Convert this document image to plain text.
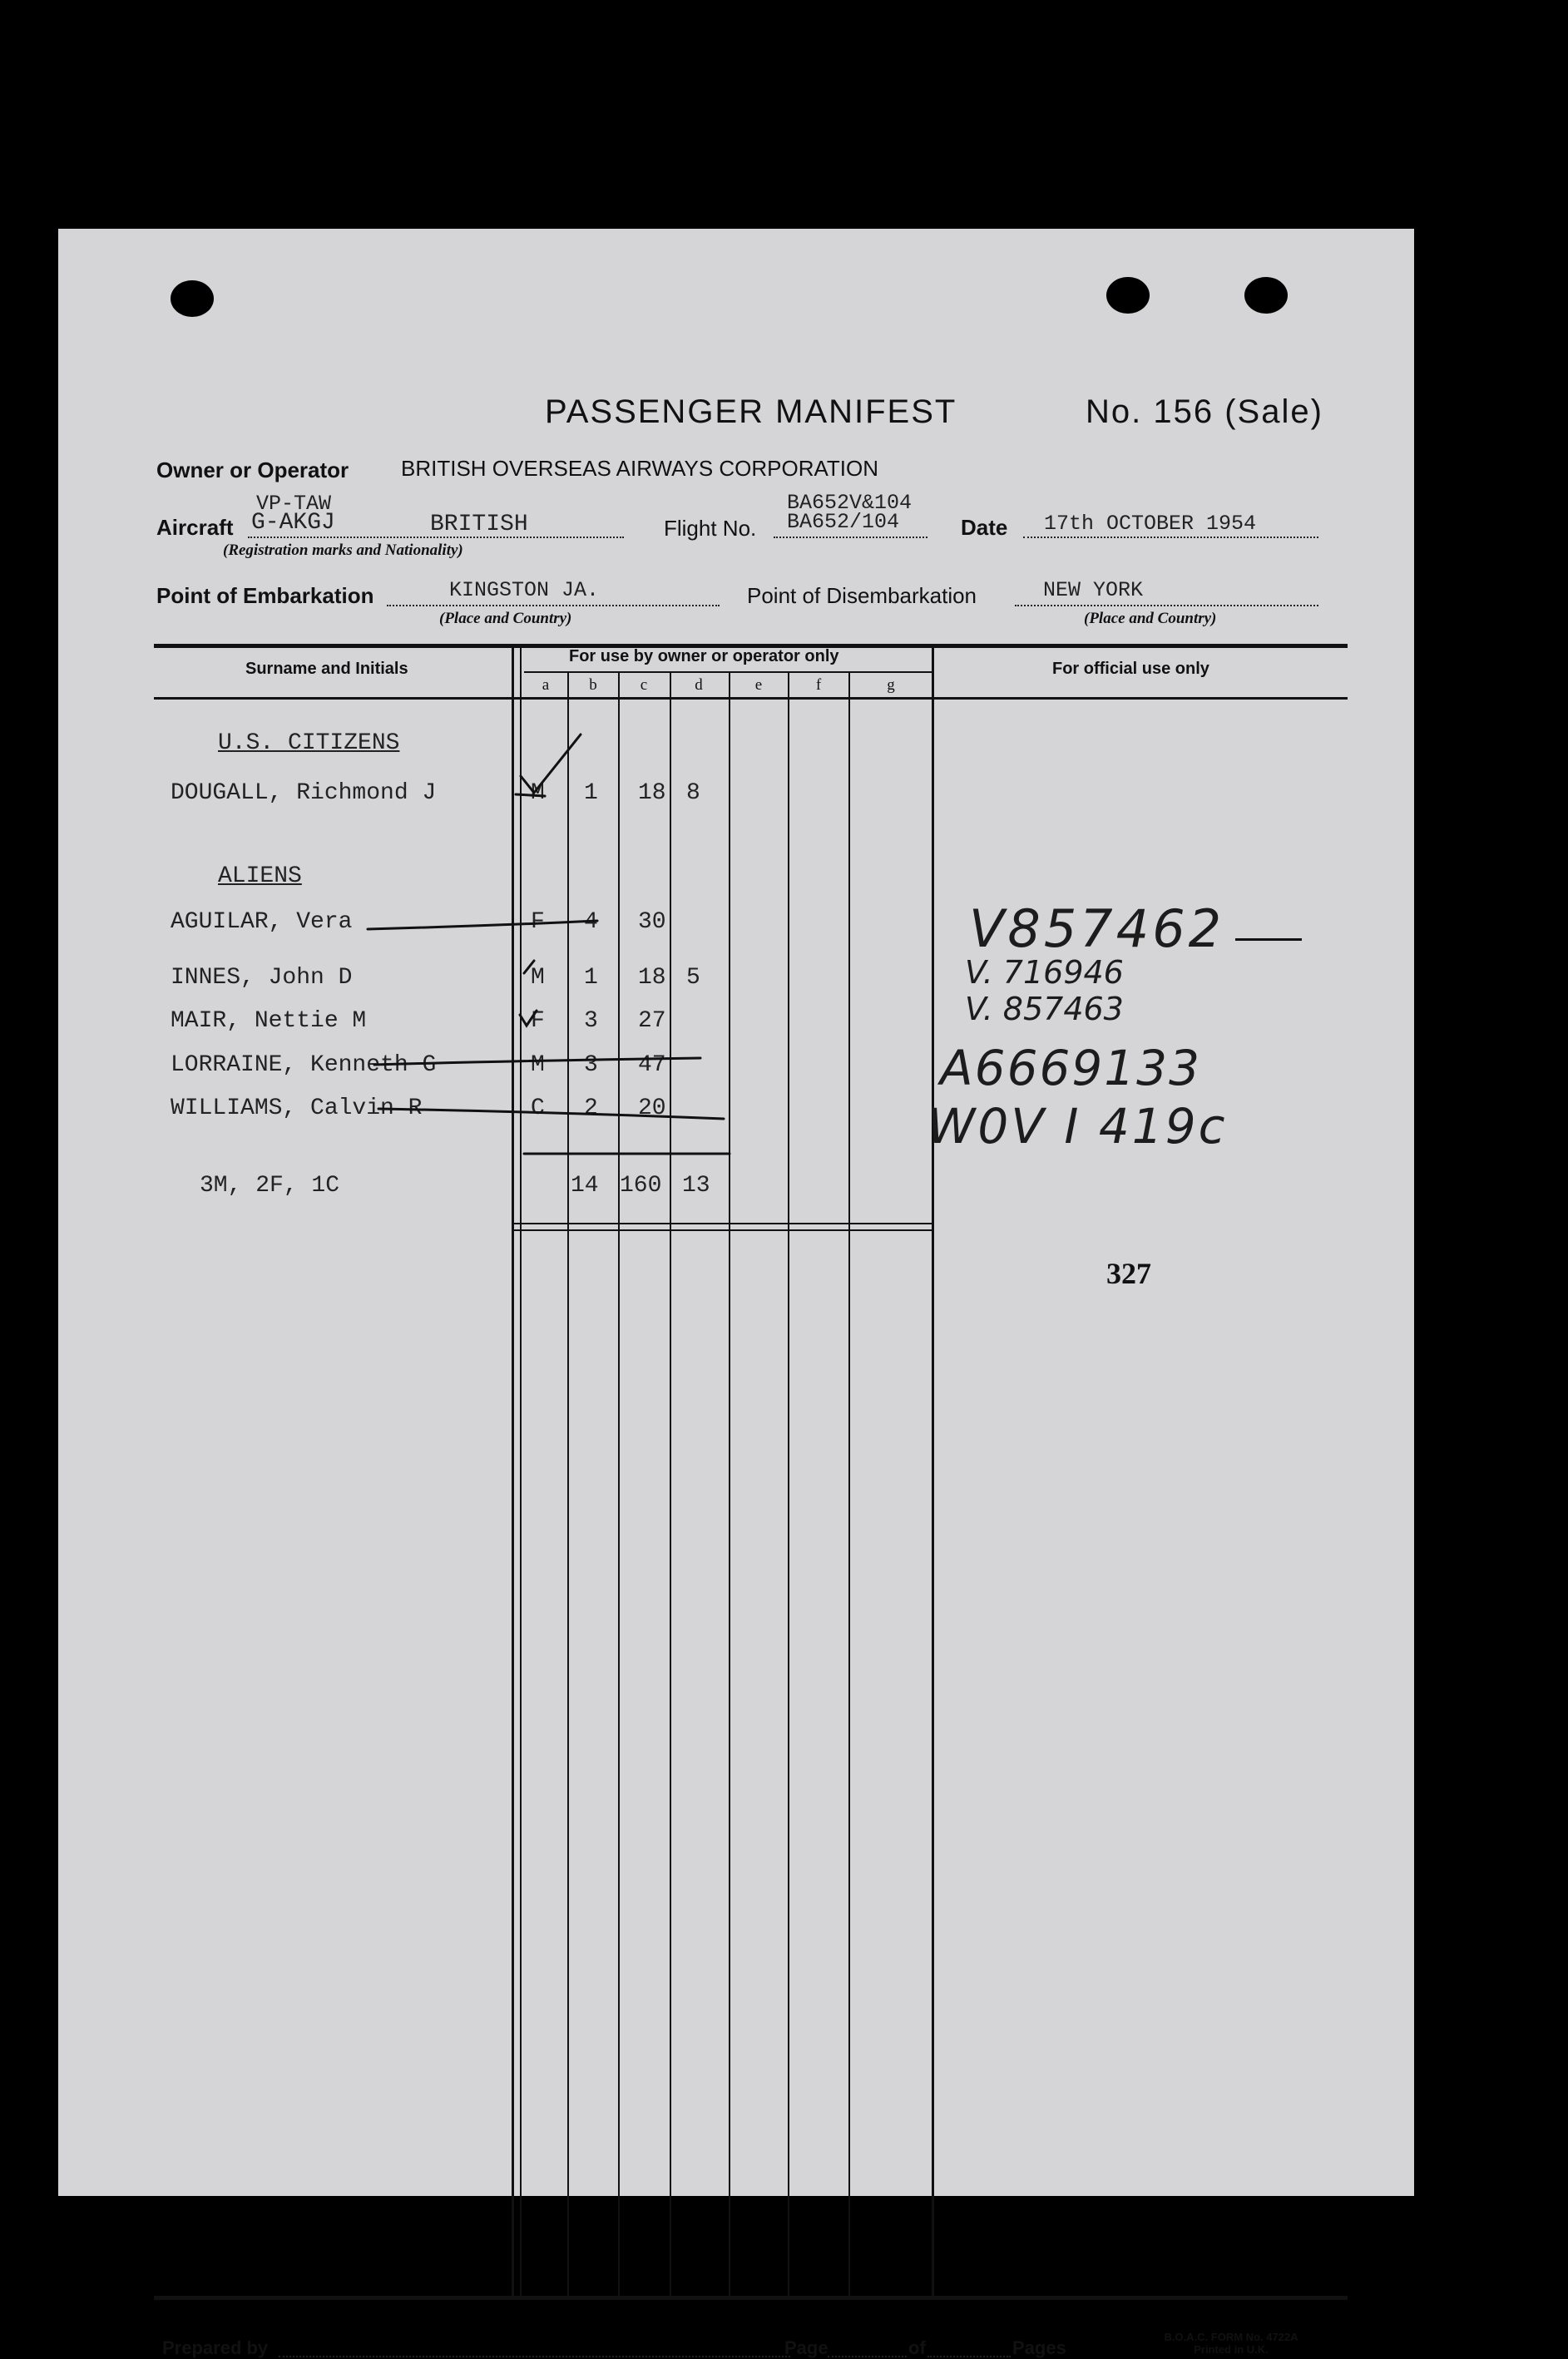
PASSENGER MANIFEST	No. 156 (Sale)
Owner or Operator BRITISH OVERSEAS AIRWAYS CORPORATION
VP-TAW
Aircraft G-AKGJ	BRITISH
(Registration marks and Nationality)
BA652V&104
Flight No. BA652/104	Date 17th OCTOBER 1954
Point of Embarkation	KINGSTON JA.
(Place and Country)
Point of Disembarkation	NEW YORK
(Place and Country)
Surname and Initials
For use by owner or operator only
For official use only
a	b	c	d	e	f	g
U.S. CITIZENS
DOUGALL, Richmond J	M 1 18 8
ALIENS
AGUILAR, Vera	F 4 30
INNES, John D	M 1 18 5
MAIR, Nettie M	F 3 27
LORRAINE, Kenneth G	M 3 47
WILLIAMS, Calvin R	C 2 20
3M, 2F, 1C	14 160 13
V857462
V. 716946
V. 857463
A6669133
W0V I 419c
327
Prepared by	Page	of	Pages
B.O.A.C. FORM No. 4722A
Printed in U.K.
